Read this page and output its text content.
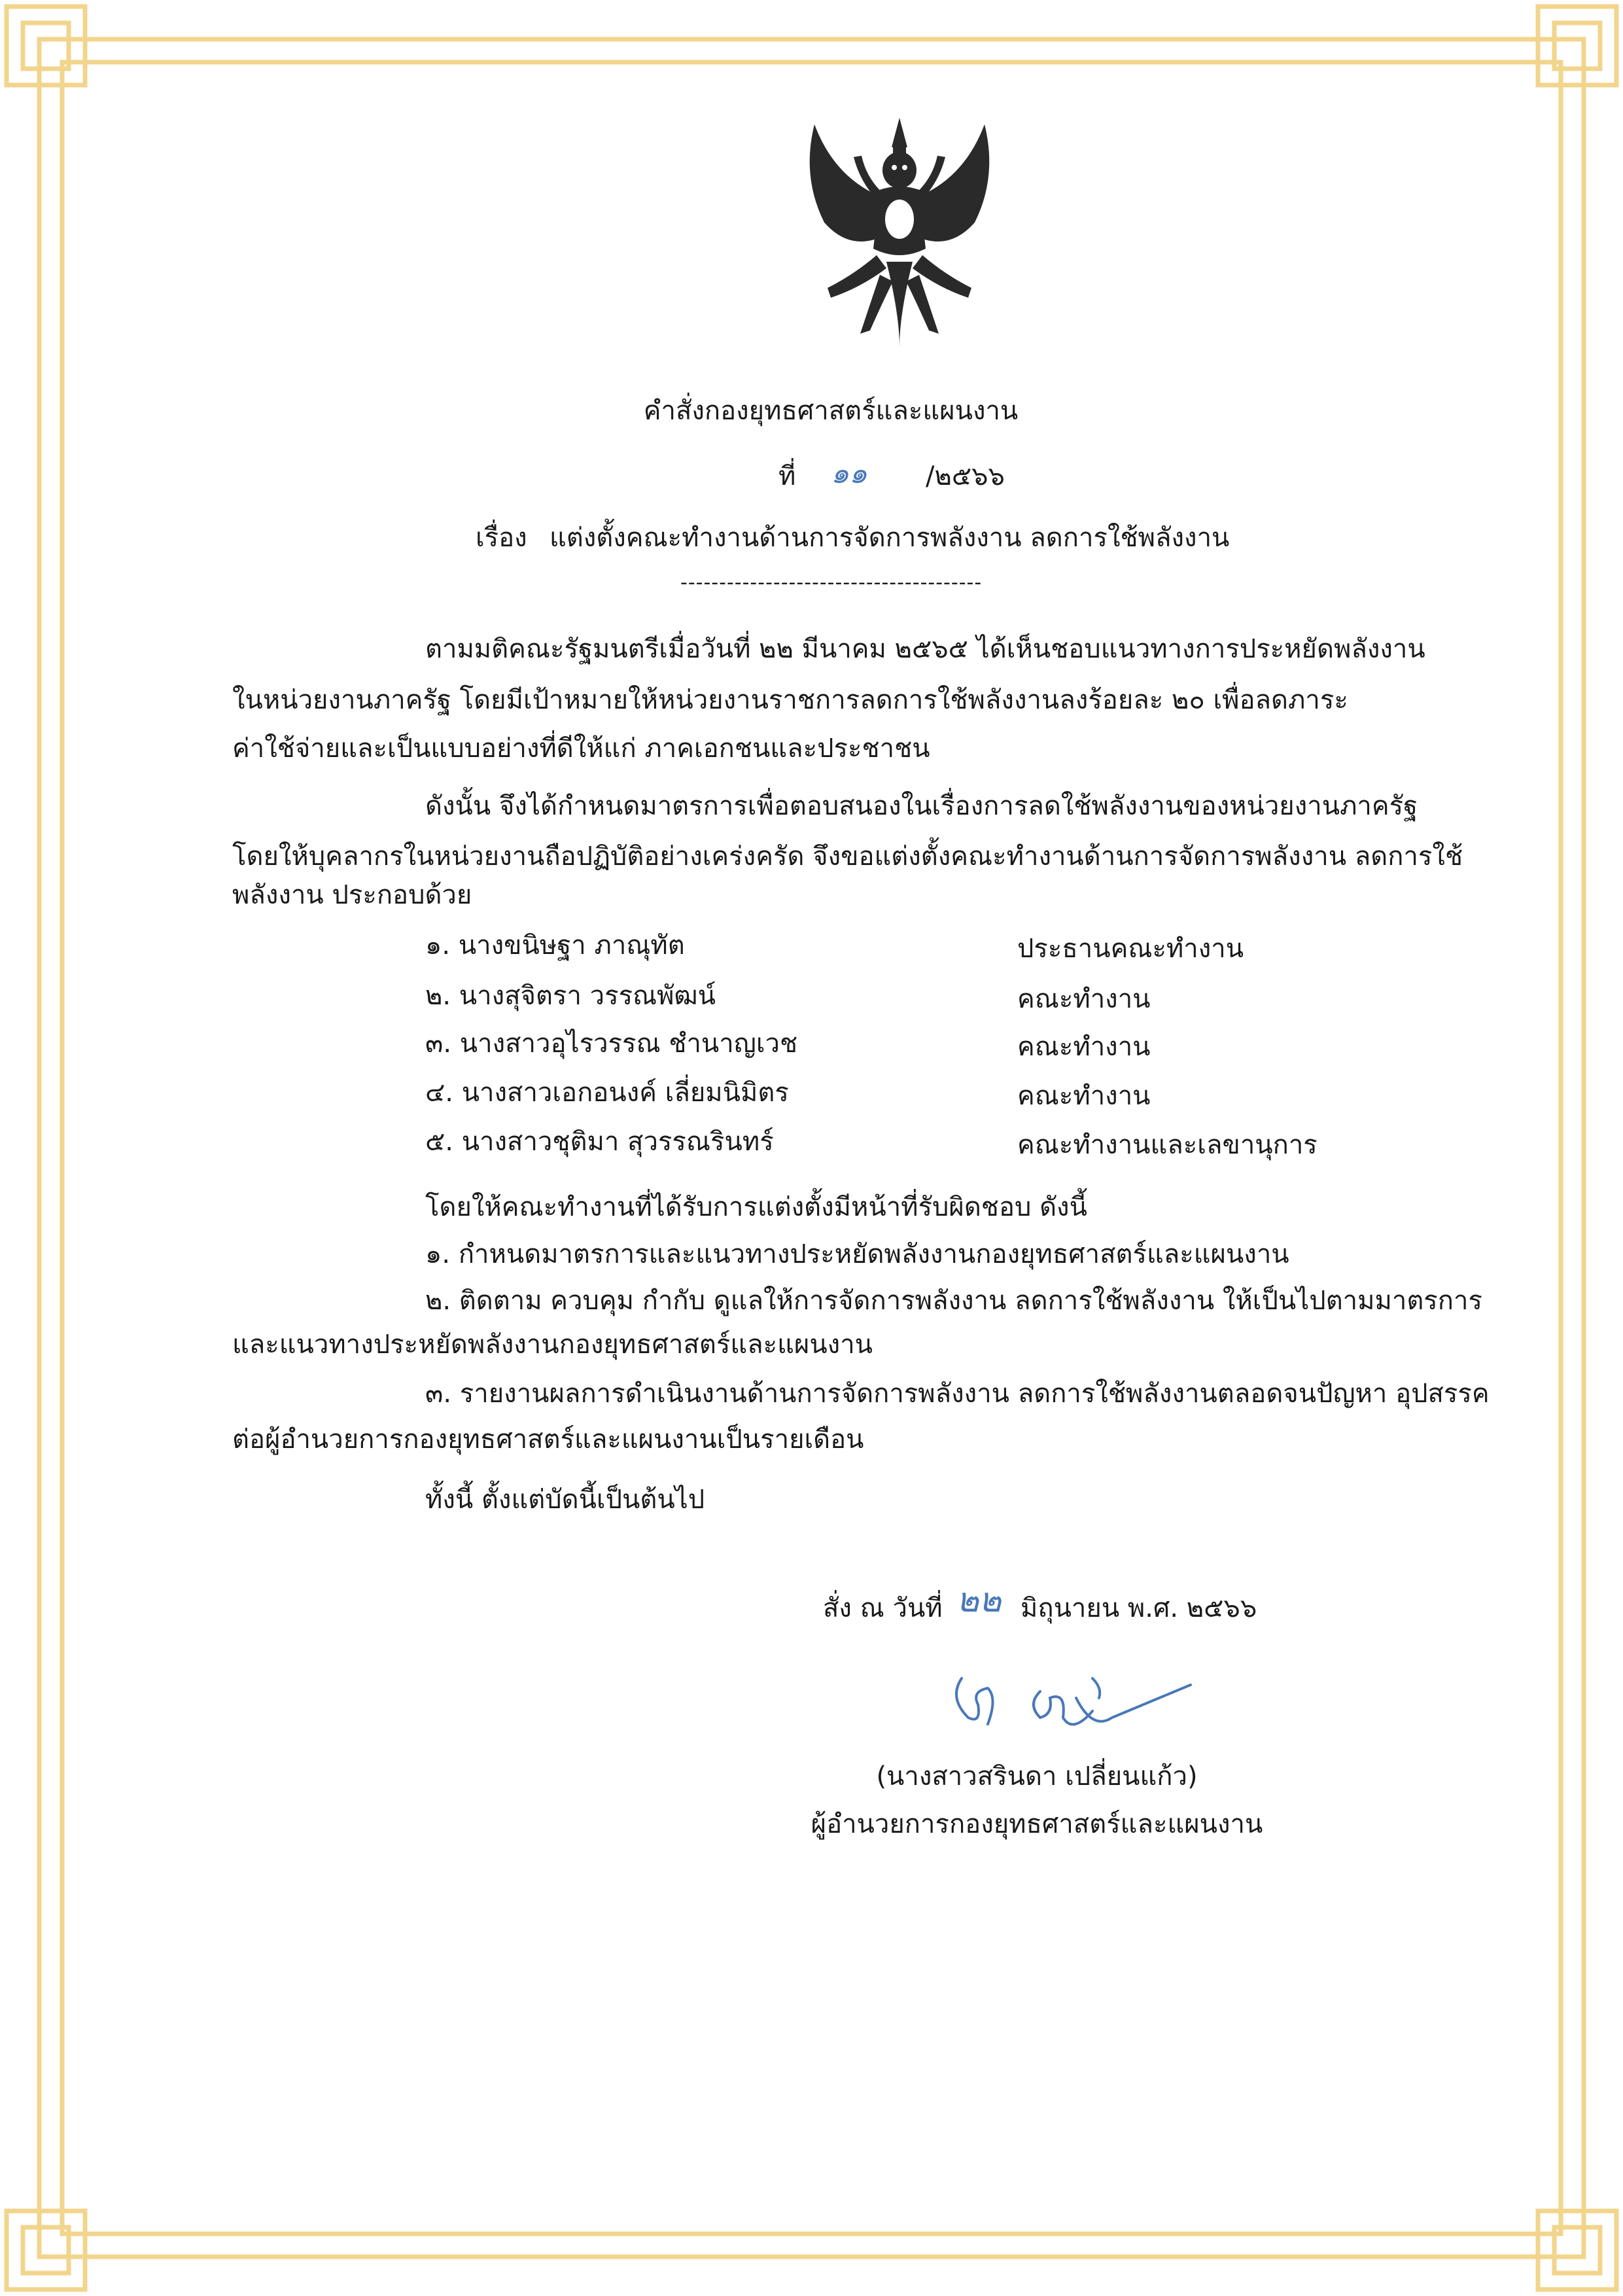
คำสั่งกองยุทธศาสตร์และแผนงาน
ที่ ๑๑ /๒๕๖๖
เรื่อง แต่งตั้งคณะทำงานด้านการจัดการพลังงาน ลดการใช้พลังงาน
---------------------------------------
ตามมติคณะรัฐมนตรีเมื่อวันที่ ๒๒ มีนาคม ๒๕๖๕ ได้เห็นชอบแนวทางการประหยัดพลังงาน
ในหน่วยงานภาครัฐ โดยมีเป้าหมายให้หน่วยงานราชการลดการใช้พลังงานลงร้อยละ ๒๐ เพื่อลดภาระ
ค่าใช้จ่ายและเป็นแบบอย่างที่ดีให้แก่ ภาคเอกชนและประชาชน
ดังนั้น จึงได้กำหนดมาตรการเพื่อตอบสนองในเรื่องการลดใช้พลังงานของหน่วยงานภาครัฐ
โดยให้บุคลากรในหน่วยงานถือปฏิบัติอย่างเคร่งครัด จึงขอแต่งตั้งคณะทำงานด้านการจัดการพลังงาน ลดการใช้
พลังงาน ประกอบด้วย
๑. นางขนิษฐา ภาณุทัต	ประธานคณะทำงาน
๒. นางสุจิตรา วรรณพัฒน์	คณะทำงาน
๓. นางสาวอุไรวรรณ ชำนาญเวช	คณะทำงาน
๔. นางสาวเอกอนงค์ เลี่ยมนิมิตร	คณะทำงาน
๕. นางสาวชุติมา สุวรรณรินทร์	คณะทำงานและเลขานุการ
โดยให้คณะทำงานที่ได้รับการแต่งตั้งมีหน้าที่รับผิดชอบ ดังนี้
๑. กำหนดมาตรการและแนวทางประหยัดพลังงานกองยุทธศาสตร์และแผนงาน
๒. ติดตาม ควบคุม กำกับ ดูแลให้การจัดการพลังงาน ลดการใช้พลังงาน ให้เป็นไปตามมาตรการ
และแนวทางประหยัดพลังงานกองยุทธศาสตร์และแผนงาน
๓. รายงานผลการดำเนินงานด้านการจัดการพลังงาน ลดการใช้พลังงานตลอดจนปัญหา อุปสรรค
ต่อผู้อำนวยการกองยุทธศาสตร์และแผนงานเป็นรายเดือน
ทั้งนี้ ตั้งแต่บัดนี้เป็นต้นไป
สั่ง ณ วันที่ ๒๒ มิถุนายน พ.ศ. ๒๕๖๖
(นางสาวสรินดา เปลี่ยนแก้ว)
ผู้อำนวยการกองยุทธศาสตร์และแผนงาน
